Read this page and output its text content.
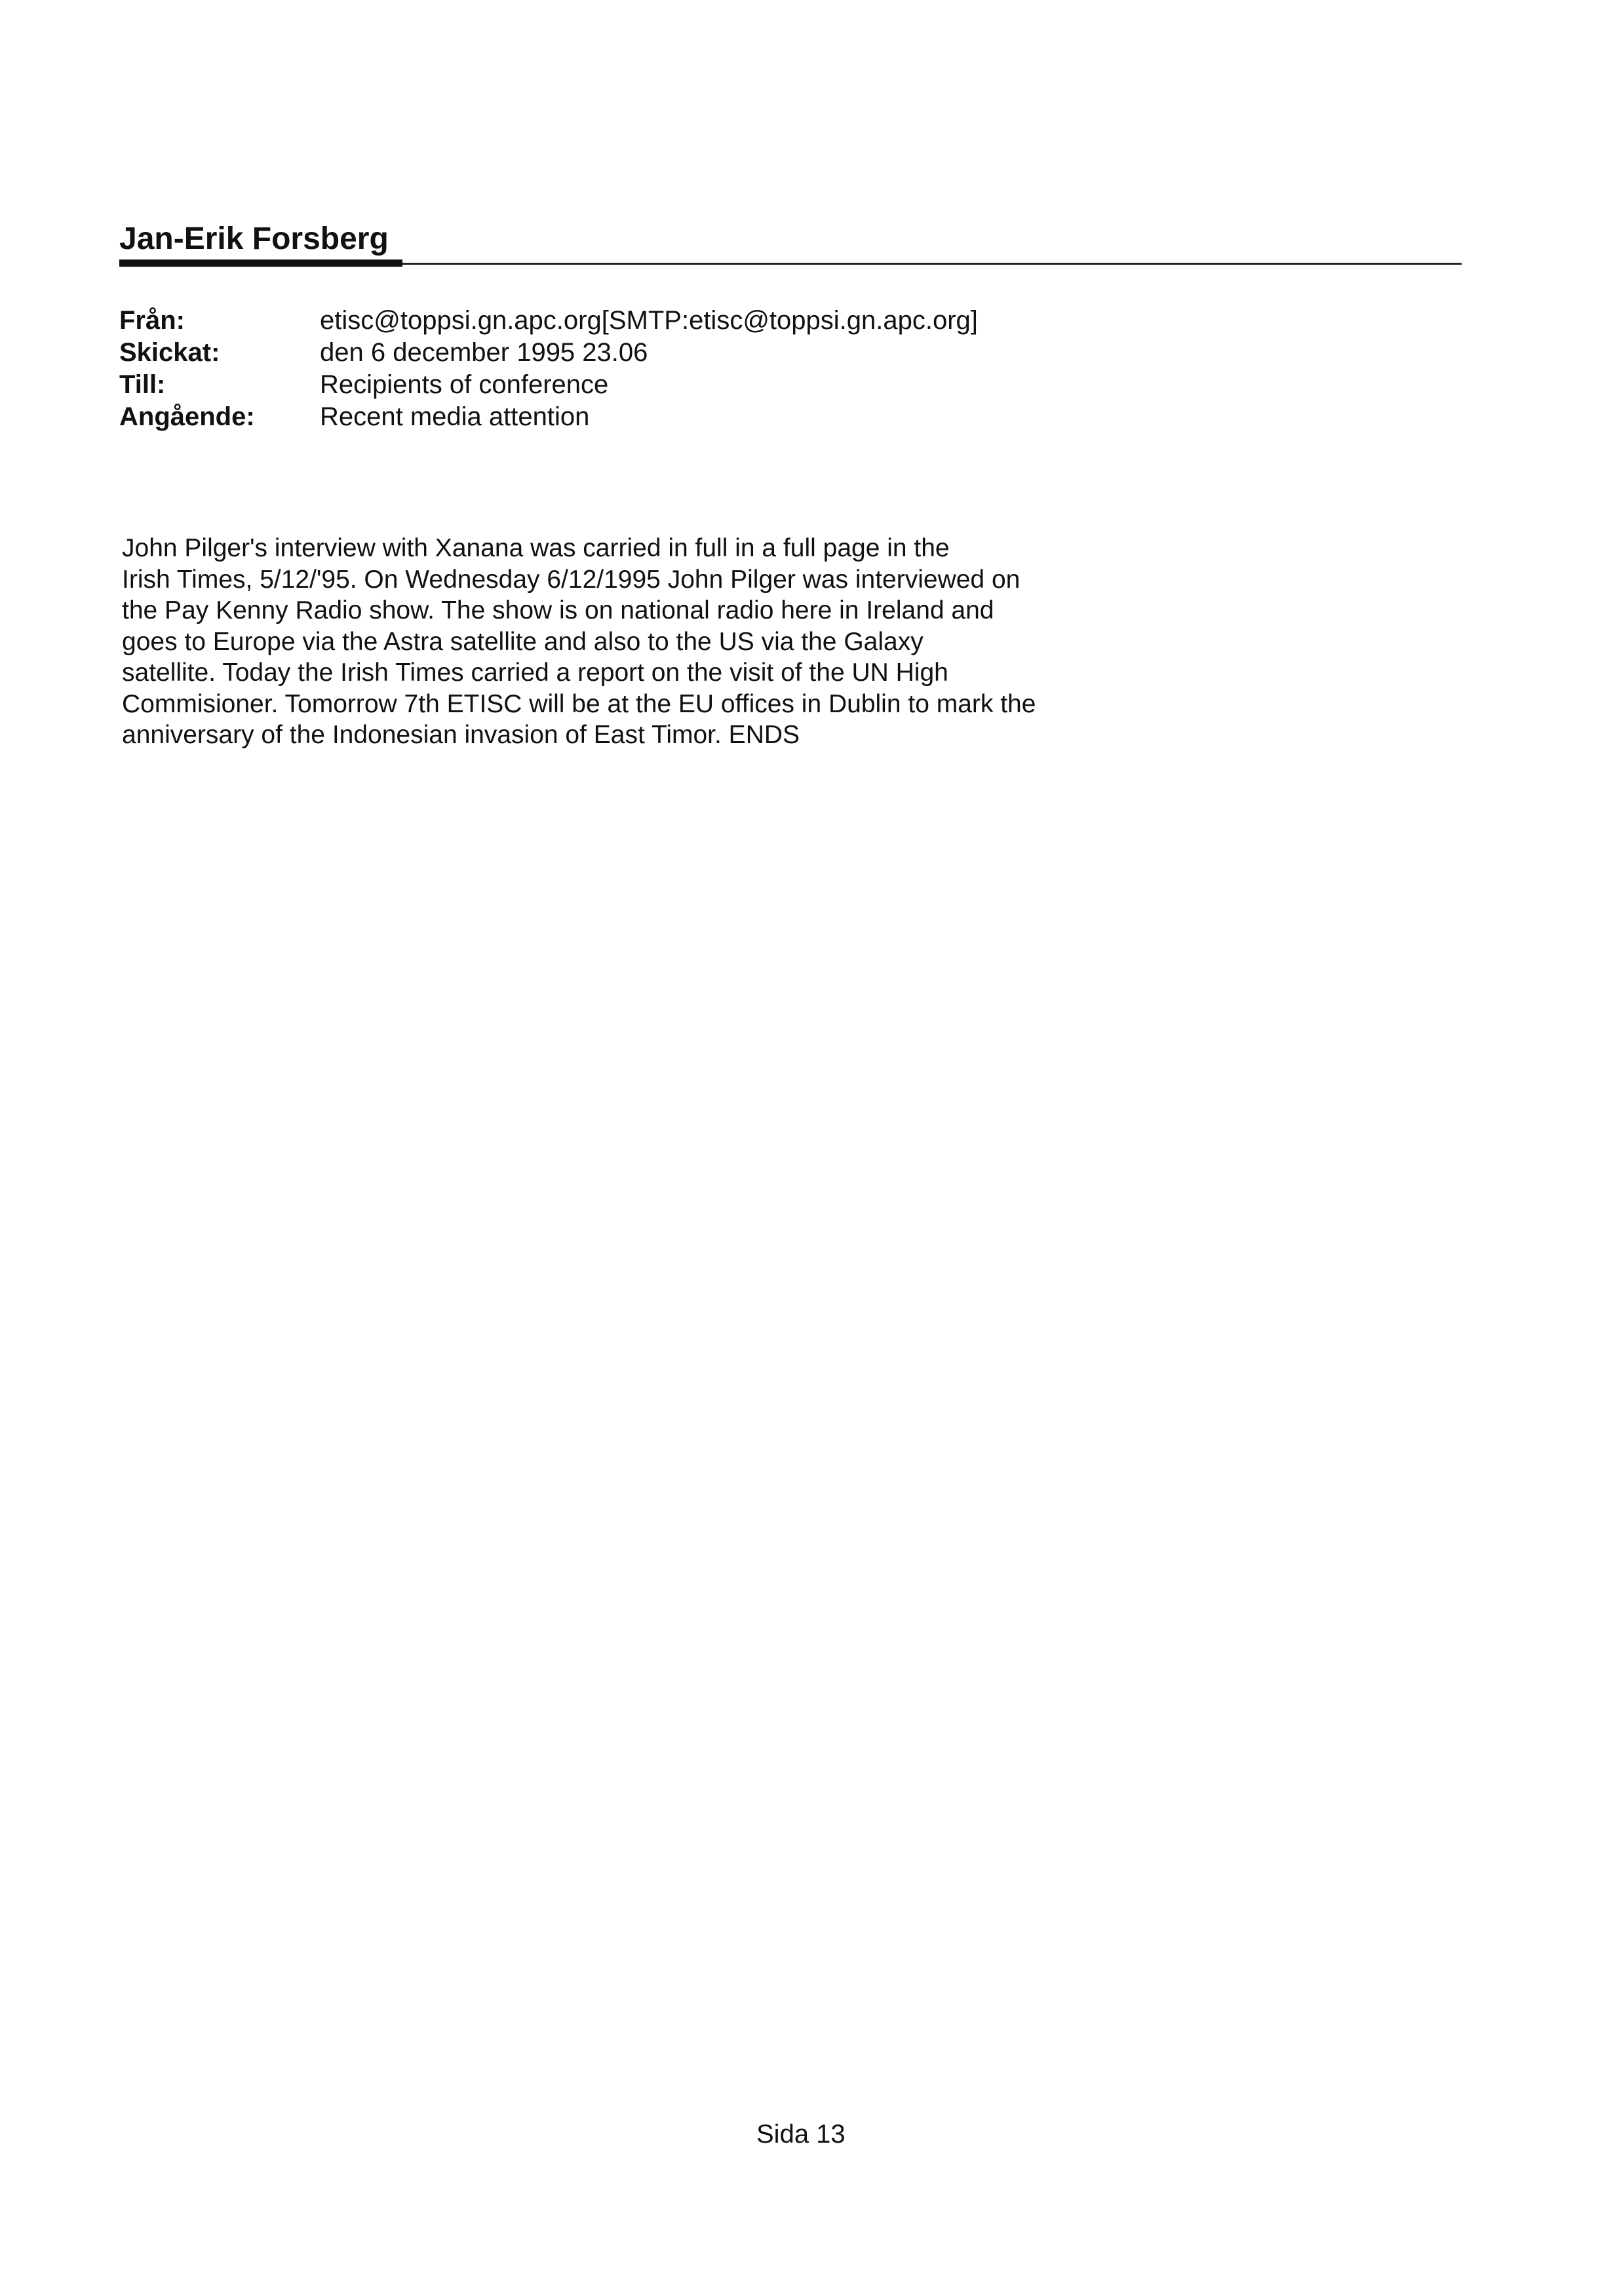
Jan-Erik Forsberg
Från:	etisc@toppsi.gn.apc.org[SMTP:etisc@toppsi.gn.apc.org]
Skickat:	den 6 december 1995 23.06
Till:	Recipients of conference
Angående: Recent media attention
John Pilger's interview with Xanana was carried in full in a full page in the
Irish Times, 5/12/'95. On Wednesday 6/12/1995 John Pilger was interviewed on
the Pay Kenny Radio show. The show is on national radio here in Ireland and
goes to Europe via the Astra satellite and also to the US via the Galaxy
satellite. Today the Irish Times carried a report on the visit of the UN High
Commisioner. Tomorrow 7th ETISC will be at the EU offices in Dublin to mark the
anniversary of the Indonesian invasion of East Timor. ENDS
Sida 13
